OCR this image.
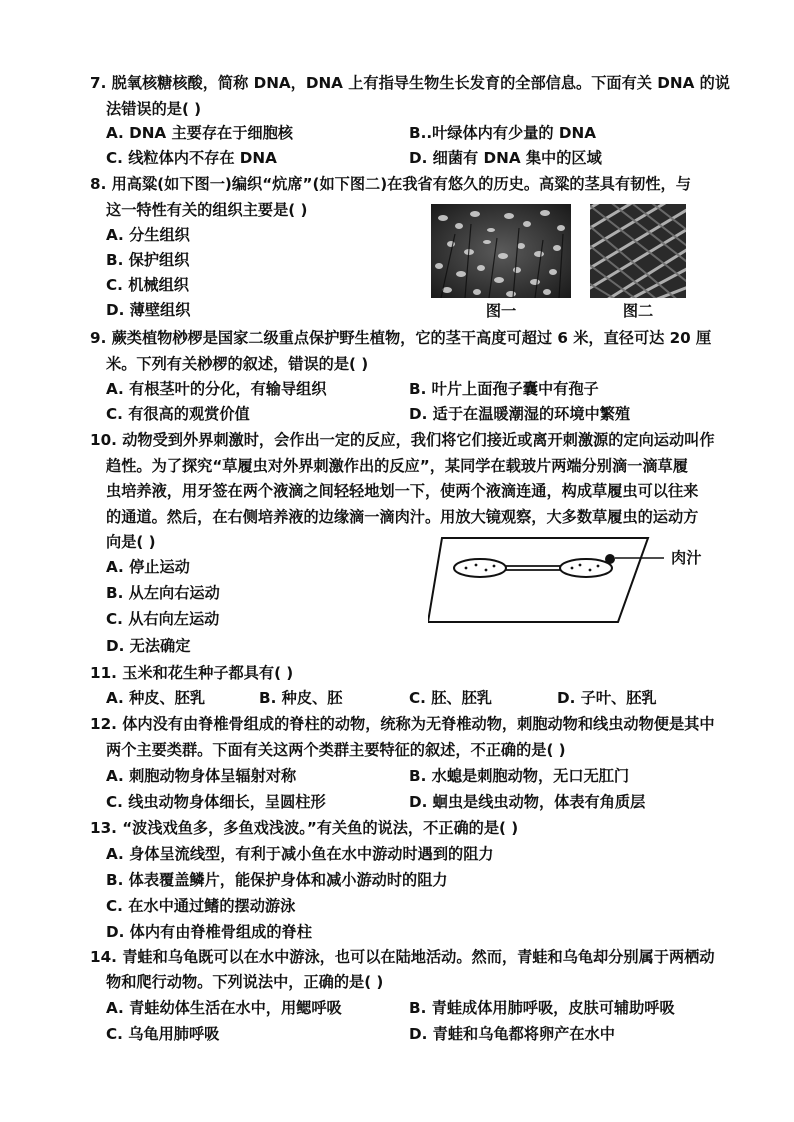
7. 脱氧核糖核酸，简称 DNA，DNA 上有指导生物生长发育的全部信息。下面有关 DNA 的说
法错误的是( )
A. DNA 主要存在于细胞核	B..叶绿体内有少量的 DNA
C. 线粒体内不存在 DNA	D. 细菌有 DNA 集中的区域
8. 用高粱(如下图一)编织“炕席”(如下图二)在我省有悠久的历史。高粱的茎具有韧性，与
这一特性有关的组织主要是( )
A. 分生组织
B. 保护组织
C. 机械组织
D. 薄壁组织	图一	图二
9. 蕨类植物桫椤是国家二级重点保护野生植物，它的茎干高度可超过 6 米，直径可达 20 厘
米。下列有关桫椤的叙述，错误的是( )
A. 有根茎叶的分化，有输导组织	B. 叶片上面孢子囊中有孢子
C. 有很高的观赏价值	D. 适于在温暖潮湿的环境中繁殖
10. 动物受到外界刺激时，会作出一定的反应，我们将它们接近或离开刺激源的定向运动叫作
趋性。为了探究“草履虫对外界刺激作出的反应”，某同学在载玻片两端分别滴一滴草履
虫培养液，用牙签在两个液滴之间轻轻地划一下，使两个液滴连通，构成草履虫可以往来
的通道。然后，在右侧培养液的边缘滴一滴肉汁。用放大镜观察，大多数草履虫的运动方
向是( )
A. 停止运动
B. 从左向右运动
C. 从右向左运动
D. 无法确定
肉汁
11. 玉米和花生种子都具有( )
A. 种皮、胚乳	B. 种皮、胚	C. 胚、胚乳	D. 子叶、胚乳
12. 体内没有由脊椎骨组成的脊柱的动物，统称为无脊椎动物，刺胞动物和线虫动物便是其中
两个主要类群。下面有关这两个类群主要特征的叙述，不正确的是( )
A. 刺胞动物身体呈辐射对称	B. 水螅是刺胞动物，无口无肛门
C. 线虫动物身体细长，呈圆柱形	D. 蛔虫是线虫动物，体表有角质层
13. “波浅戏鱼多，多鱼戏浅波。”有关鱼的说法，不正确的是( )
A. 身体呈流线型，有利于减小鱼在水中游动时遇到的阻力
B. 体表覆盖鳞片，能保护身体和减小游动时的阻力
C. 在水中通过鳍的摆动游泳
D. 体内有由脊椎骨组成的脊柱
14. 青蛙和乌龟既可以在水中游泳，也可以在陆地活动。然而，青蛙和乌龟却分别属于两栖动
物和爬行动物。下列说法中，正确的是( )
A. 青蛙幼体生活在水中，用鳃呼吸	B. 青蛙成体用肺呼吸，皮肤可辅助呼吸
C. 乌龟用肺呼吸	D. 青蛙和乌龟都将卵产在水中
